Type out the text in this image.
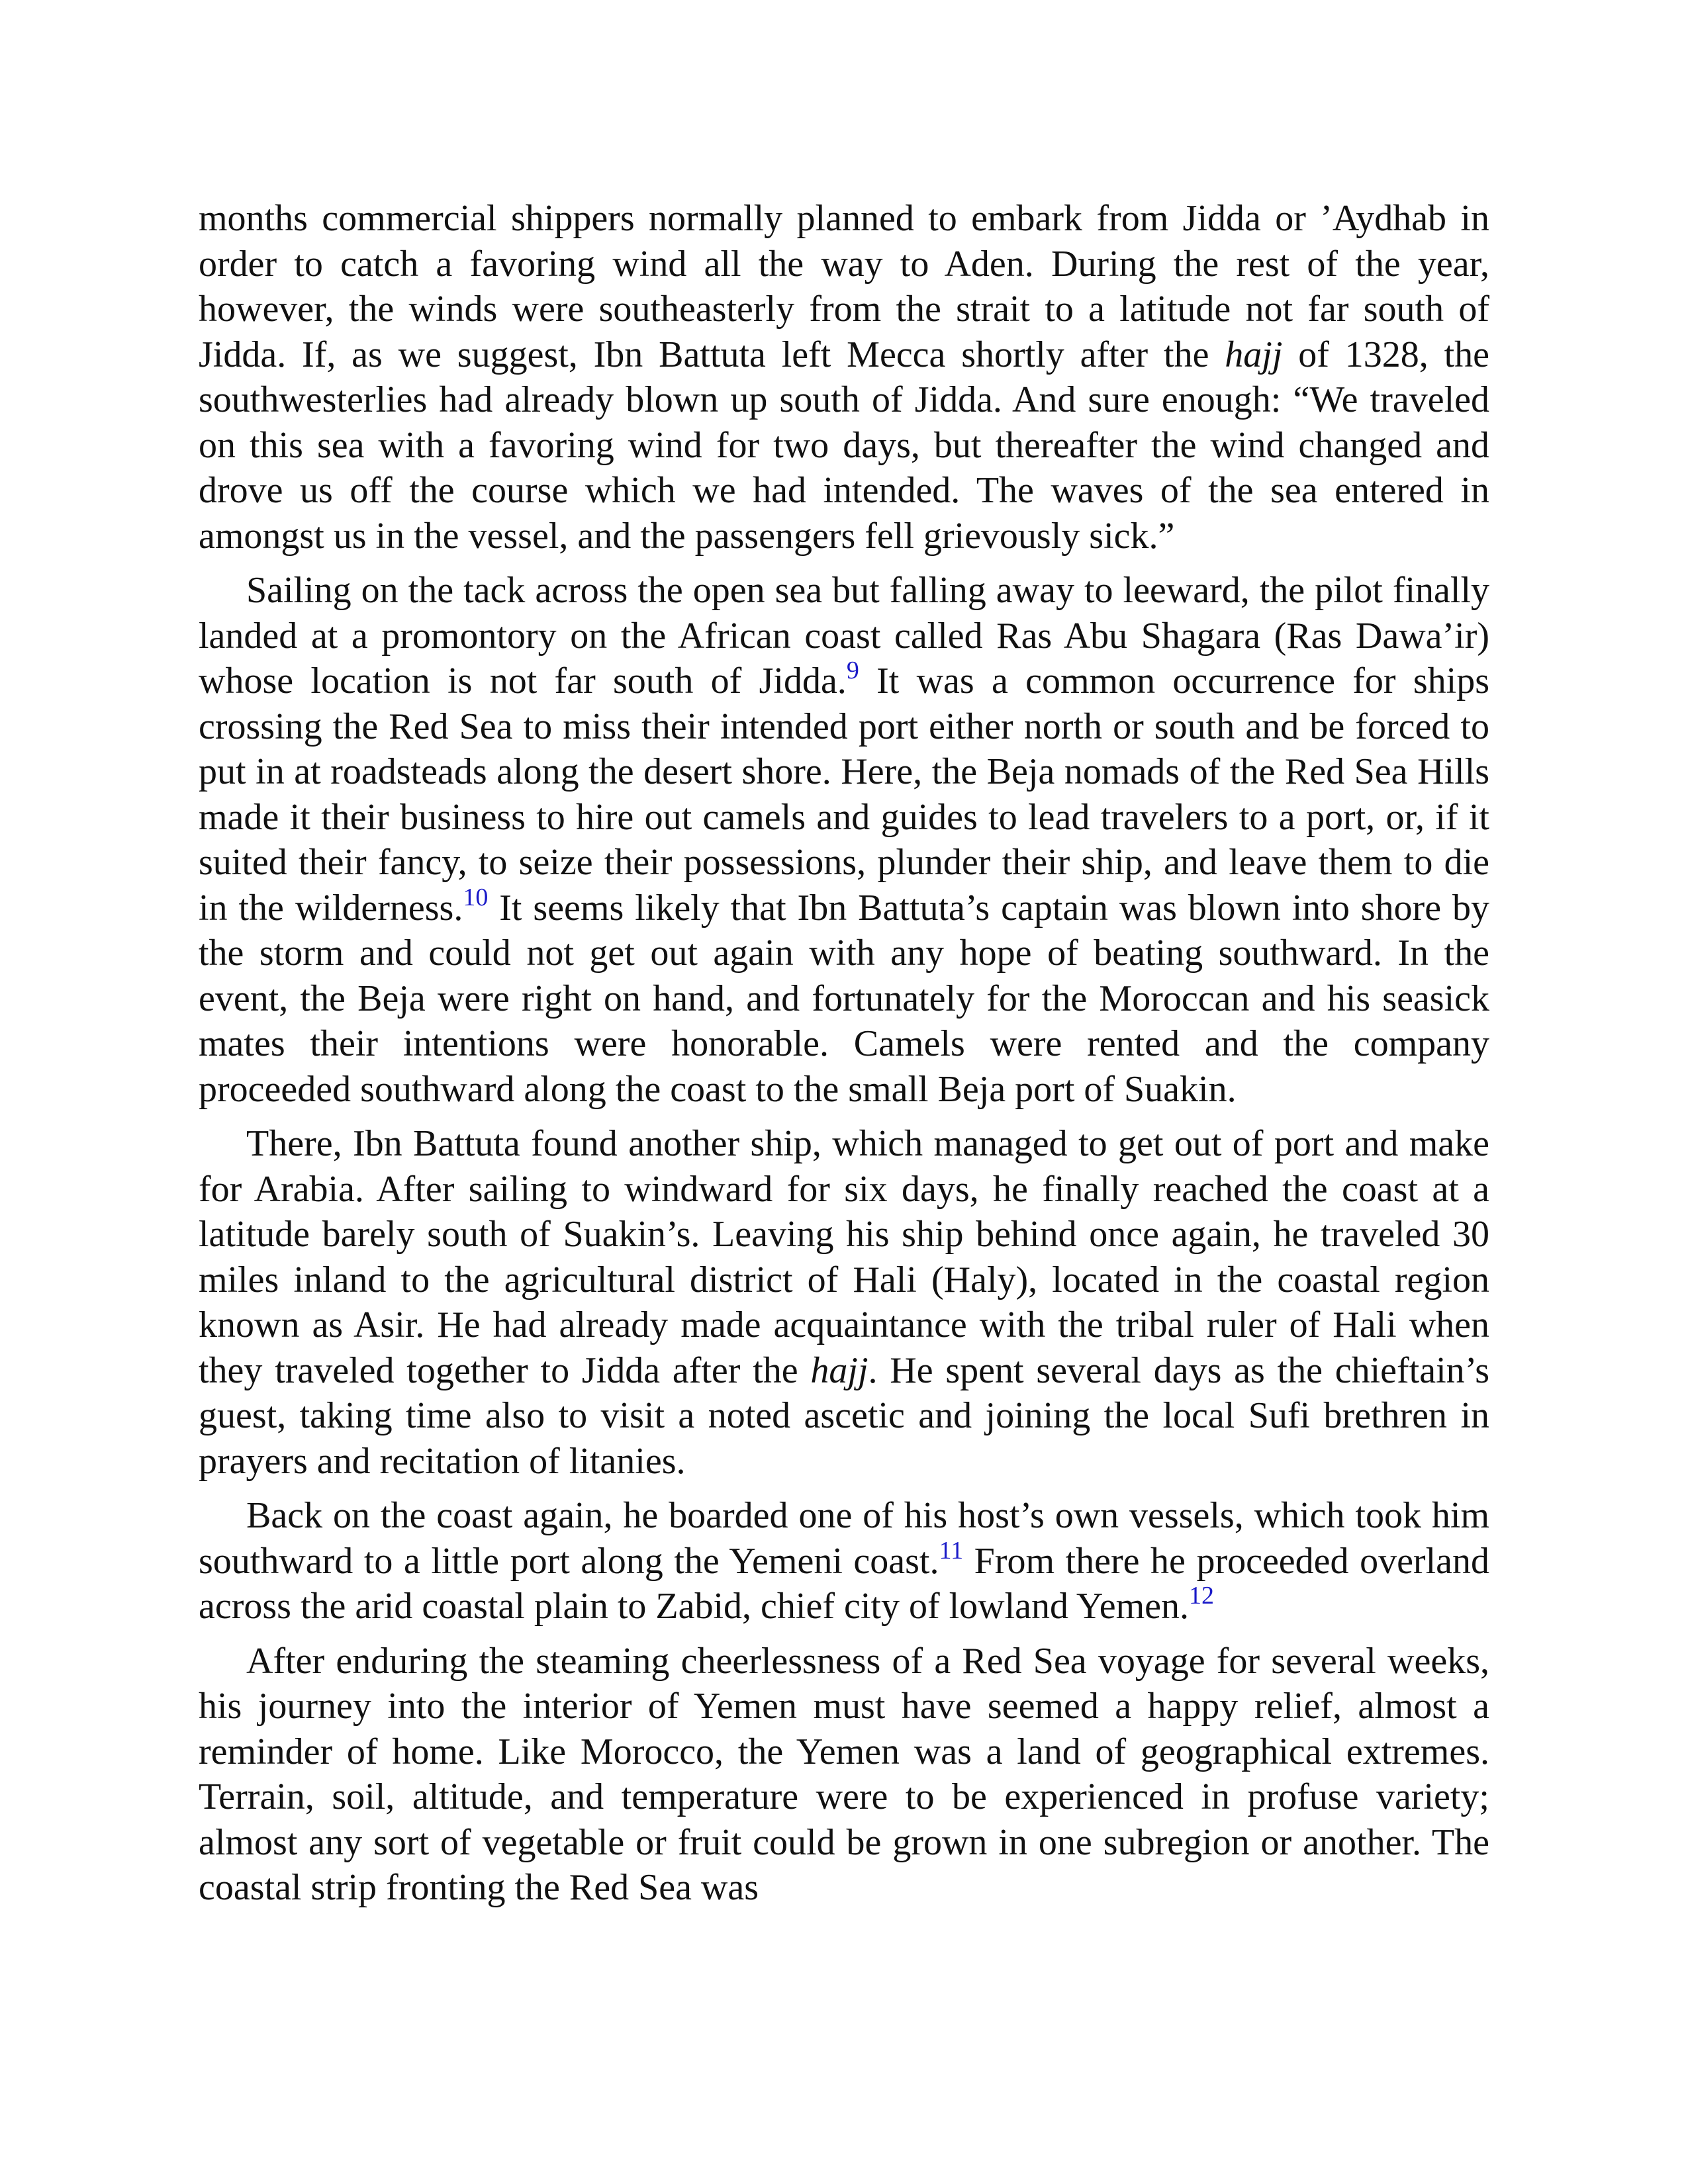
months commercial shippers normally planned to embark from Jidda or ’Aydhab in order to catch a favoring wind all the way to Aden. During the rest of the year, however, the winds were southeasterly from the strait to a latitude not far south of Jidda. If, as we suggest, Ibn Battuta left Mecca shortly after the hajj of 1328, the southwesterlies had already blown up south of Jidda. And sure enough: “We traveled on this sea with a favoring wind for two days, but thereafter the wind changed and drove us off the course which we had intended. The waves of the sea entered in amongst us in the vessel, and the passengers fell grievously sick.”

Sailing on the tack across the open sea but falling away to leeward, the pilot finally landed at a promontory on the African coast called Ras Abu Shagara (Ras Dawa’ir) whose location is not far south of Jidda.$^9$ It was a common occurrence for ships crossing the Red Sea to miss their intended port either north or south and be forced to put in at roadsteads along the desert shore. Here, the Beja nomads of the Red Sea Hills made it their business to hire out camels and guides to lead travelers to a port, or, if it suited their fancy, to seize their possessions, plunder their ship, and leave them to die in the wilderness.$^{10}$ It seems likely that Ibn Battuta’s captain was blown into shore by the storm and could not get out again with any hope of beating southward. In the event, the Beja were right on hand, and fortunately for the Moroccan and his seasick mates their intentions were honorable. Camels were rented and the company proceeded southward along the coast to the small Beja port of Suakin.

There, Ibn Battuta found another ship, which managed to get out of port and make for Arabia. After sailing to windward for six days, he finally reached the coast at a latitude barely south of Suakin’s. Leaving his ship behind once again, he traveled 30 miles inland to the agricultural district of Hali (Haly), located in the coastal region known as Asir. He had already made acquaintance with the tribal ruler of Hali when they traveled together to Jidda after the hajj. He spent several days as the chieftain’s guest, taking time also to visit a noted ascetic and joining the local Sufi brethren in prayers and recitation of litanies.

Back on the coast again, he boarded one of his host’s own vessels, which took him southward to a little port along the Yemeni coast.$^{11}$ From there he proceeded overland across the arid coastal plain to Zabid, chief city of lowland Yemen.$^{12}$

After enduring the steaming cheerlessness of a Red Sea voyage for several weeks, his journey into the interior of Yemen must have seemed a happy relief, almost a reminder of home. Like Morocco, the Yemen was a land of geographical extremes. Terrain, soil, altitude, and temperature were to be experienced in profuse variety; almost any sort of vegetable or fruit could be grown in one subregion or another. The coastal strip fronting the Red Sea was
